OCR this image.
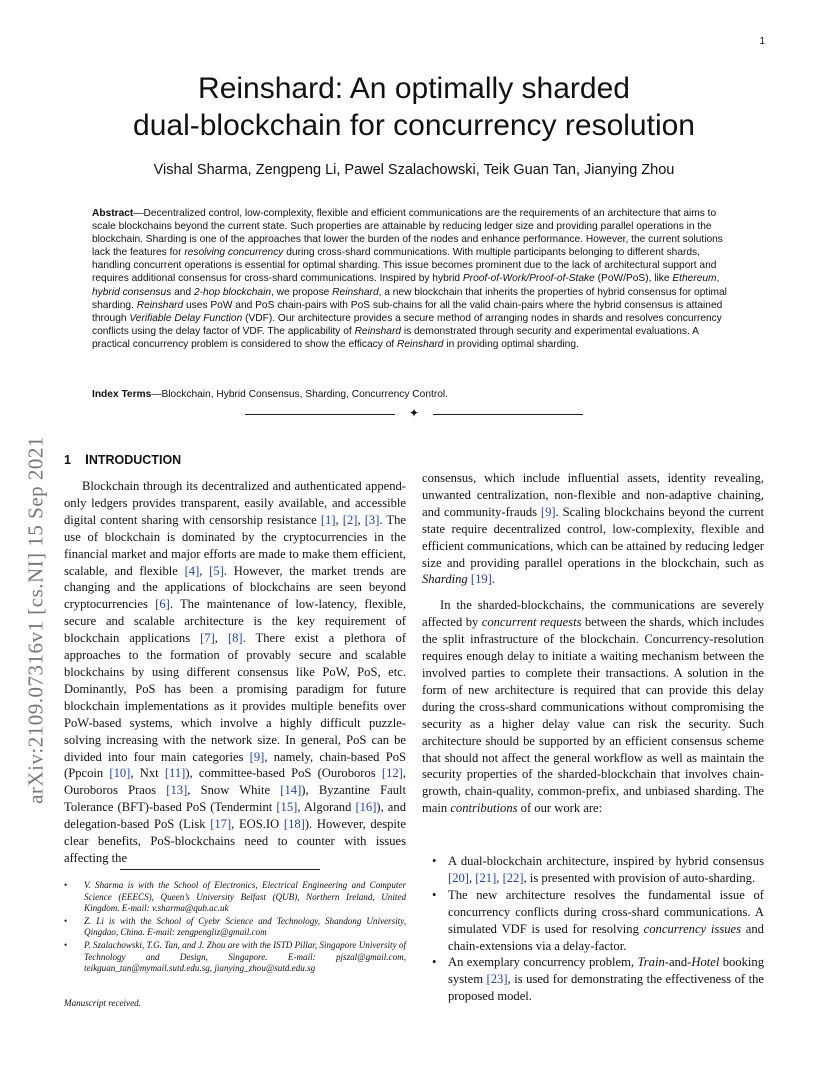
1
arXiv:2109.07316v1 [cs.NI] 15 Sep 2021
Reinshard: An optimally sharded
dual-blockchain for concurrency resolution
Vishal Sharma, Zengpeng Li, Pawel Szalachowski, Teik Guan Tan, Jianying Zhou

Abstract—Decentralized control, low-complexity, flexible and efficient communications are the requirements of an architecture that aims to scale blockchains beyond the current state. Such properties are attainable by reducing ledger size and providing parallel operations in the blockchain. Sharding is one of the approaches that lower the burden of the nodes and enhance performance. However, the current solutions lack the features for resolving concurrency during cross-shard communications. With multiple participants belonging to different shards, handling concurrent operations is essential for optimal sharding. This issue becomes prominent due to the lack of architectural support and requires additional consensus for cross-shard communications. Inspired by hybrid Proof-of-Work/Proof-of-Stake (PoW/PoS), like Ethereum, hybrid consensus and 2-hop blockchain, we propose Reinshard, a new blockchain that inherits the properties of hybrid consensus for optimal sharding. Reinshard uses PoW and PoS chain-pairs with PoS sub-chains for all the valid chain-pairs where the hybrid consensus is attained through Verifiable Delay Function (VDF). Our architecture provides a secure method of arranging nodes in shards and resolves concurrency conflicts using the delay factor of VDF. The applicability of Reinshard is demonstrated through security and experimental evaluations. A practical concurrency problem is considered to show the efficacy of Reinshard in providing optimal sharding.

Index Terms—Blockchain, Hybrid Consensus, Sharding, Concurrency Control.

✦
1 INTRODUCTION

Blockchain through its decentralized and authenticated append-only ledgers provides transparent, easily available, and accessible digital content sharing with censorship resistance [1], [2], [3]. The use of blockchain is dominated by the cryptocurrencies in the financial market and major efforts are made to make them efficient, scalable, and flexible [4], [5]. However, the market trends are changing and the applications of blockchains are seen beyond cryptocurrencies [6]. The maintenance of low-latency, flexible, secure and scalable architecture is the key requirement of blockchain applications [7], [8]. There exist a plethora of approaches to the formation of provably secure and scalable blockchains by using different consensus like PoW, PoS, etc. Dominantly, PoS has been a promising paradigm for future blockchain implementations as it provides multiple benefits over PoW-based systems, which involve a highly difficult puzzle-solving increasing with the network size. In general, PoS can be divided into four main categories [9], namely, chain-based PoS (Ppcoin [10], Nxt [11]), committee-based PoS (Ouroboros [12], Ouroboros Praos [13], Snow White [14]), Byzantine Fault Tolerance (BFT)-based PoS (Tendermint [15], Algorand [16]), and delegation-based PoS (Lisk [17], EOS.IO [18]). However, despite clear benefits, PoS-blockchains need to counter with issues affecting the

consensus, which include influential assets, identity revealing, unwanted centralization, non-flexible and non-adaptive chaining, and community-frauds [9]. Scaling blockchains beyond the current state require decentralized control, low-complexity, flexible and efficient communications, which can be attained by reducing ledger size and providing parallel operations in the blockchain, such as Sharding [19].

In the sharded-blockchains, the communications are severely affected by concurrent requests between the shards, which includes the split infrastructure of the blockchain. Concurrency-resolution requires enough delay to initiate a waiting mechanism between the involved parties to complete their transactions. A solution in the form of new architecture is required that can provide this delay during the cross-shard communications without compromising the security as a higher delay value can risk the security. Such architecture should be supported by an efficient consensus scheme that should not affect the general workflow as well as maintain the security properties of the sharded-blockchain that involves chain-growth, chain-quality, common-prefix, and unbiased sharding. The main contributions of our work are:

• A dual-blockchain architecture, inspired by hybrid consensus [20], [21], [22], is presented with provision of auto-sharding.
• The new architecture resolves the fundamental issue of concurrency conflicts during cross-shard communications. A simulated VDF is used for resolving concurrency issues and chain-extensions via a delay-factor.
• An exemplary concurrency problem, Train-and-Hotel booking system [23], is used for demonstrating the effectiveness of the proposed model.
• V. Sharma is with the School of Electronics, Electrical Engineering and Computer Science (EEECS), Queen’s University Belfast (QUB), Northern Ireland, United Kingdom. E-mail: v.sharma@qub.ac.uk
• Z. Li is with the School of Cyebr Science and Technology, Shandong University, Qingdao, China. E-mail: zengpengliz@gmail.com
• P. Szalachowski, T.G. Tan, and J. Zhou are with the ISTD Pillar, Singapore University of Technology and Design, Singapore. E-mail: pjszal@gmail.com, teikguan_tan@mymail.sutd.edu.sg, jianying_zhou@sutd.edu.sg
Manuscript received.
